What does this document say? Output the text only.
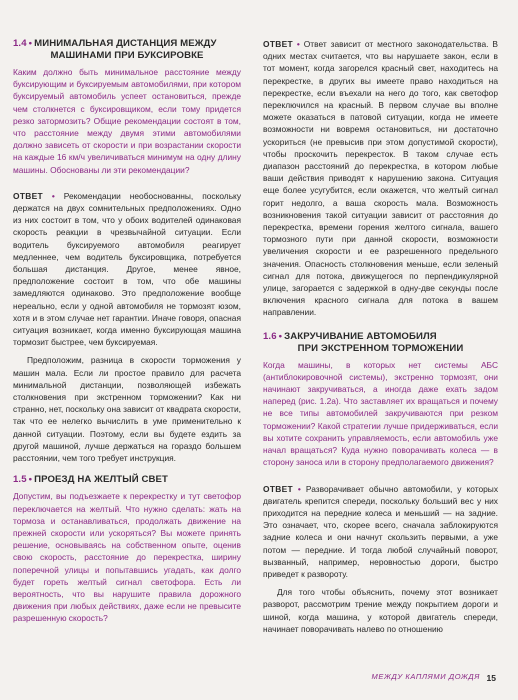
1.4 • МИНИМАЛЬНАЯ ДИСТАНЦИЯ МЕЖДУ
МАШИНАМИ ПРИ БУКСИРОВКЕ

Каким должно быть минимальное расстояние между буксирующим и буксируемым автомобилями, при котором буксируемый автомобиль успеет остановиться, прежде чем столкнется с буксировщиком, если тому придется резко затормозить? Общие рекомендации состоят в том, что расстояние между двумя этими автомобилями должно зависеть от скорости и при возрастании скорости на каждые 16 км/ч увеличиваться минимум на одну длину машины. Обоснованы ли эти рекомендации?

ОТВЕТ • Рекомендации необоснованны, поскольку держатся на двух сомнительных предположениях. Одно из них состоит в том, что у обоих водителей одинаковая скорость реакции в чрезвычайной ситуации. Если водитель буксируемого автомобиля реагирует медленнее, чем водитель буксировщика, потребуется большая дистанция. Другое, менее явное, предположение состоит в том, что обе машины замедляются одинаково. Это предположение вообще нереально, если у одной автомобиля не тормозят юзом, хотя и в этом случае нет гарантии. Иначе говоря, опасная ситуация возникает, когда именно буксирующая машина тормозит быстрее, чем буксируемая.

Предположим, разница в скорости торможения у машин мала. Если ли простое правило для расчета минимальной дистанции, позволяющей избежать столкновения при экстренном торможении? Как ни странно, нет, поскольку она зависит от квадрата скорости, так что ее нелегко вычислить в уме применительно к данной ситуации. Поэтому, если вы будете ездить за другой машиной, лучше держаться на гораздо большем расстоянии, чем того требует инструкция.

1.5 • ПРОЕЗД НА ЖЕЛТЫЙ СВЕТ

Допустим, вы подъезжаете к перекрестку и тут светофор переключается на желтый. Что нужно сделать: жать на тормоза и останавливаться, продолжать движение на прежней скорости или ускоряться? Вы можете принять решение, основываясь на собственном опыте, оценив свою скорость, расстояние до перекрестка, ширину поперечной улицы и попытавшись угадать, как долго будет гореть желтый сигнал светофора. Есть ли вероятность, что вы нарушите правила дорожного движения при любых действиях, даже если не превысите разрешенную скорость?

ОТВЕТ • Ответ зависит от местного законодательства. В одних местах считается, что вы нарушаете закон, если в тот момент, когда загорелся красный свет, находитесь на перекрестке, в других вы имеете право находиться на перекрестке, если въехали на него до того, как светофор переключился на красный. В первом случае вы вполне можете оказаться в патовой ситуации, когда не имеете возможности ни вовремя остановиться, ни достаточно ускориться (не превысив при этом допустимой скорости), чтобы проскочить перекресток. В таком случае есть диапазон расстояний до перекрестка, в котором любые ваши действия приводят к нарушению закона. Ситуация еще более усугубится, если окажется, что желтый сигнал горит недолго, а ваша скорость мала. Возможность возникновения такой ситуации зависит от расстояния до перекрестка, времени горения желтого сигнала, вашего тормозного пути при данной скорости, возможности увеличения скорости и ее разрешенного предельного значения. Опасность столкновения меньше, если зеленый сигнал для потока, движущегося по перпендикулярной улице, загорается с задержкой в одну-две секунды после включения красного сигнала для потока в вашем направлении.

1.6 • ЗАКРУЧИВАНИЕ АВТОМОБИЛЯ
ПРИ ЭКСТРЕННОМ ТОРМОЖЕНИИ

Когда машины, в которых нет системы АБС (антиблокировочной системы), экстренно тормозят, они начинают закручиваться, а иногда даже ехать задом наперед (рис. 1.2а). Что заставляет их вращаться и почему не все типы автомобилей закручиваются при резком торможении? Какой стратегии лучше придерживаться, если вы хотите сохранить управляемость, если автомобиль уже начал вращаться? Куда нужно поворачивать колеса — в сторону заноса или в сторону предполагаемого движения?

ОТВЕТ • Разворачивает обычно автомобили, у которых двигатель крепится спереди, поскольку больший вес у них приходится на передние колеса и меньший — на задние. Это означает, что, скорее всего, сначала заблокируются задние колеса и они начнут скользить первыми, а уже потом — передние. И тогда любой случайный поворот, вызванный, например, неровностью дороги, быстро приведет к развороту.

Для того чтобы объяснить, почему этот возникает разворот, рассмотрим трение между покрытием дороги и шиной, когда машина, у которой двигатель спереди, начинает поворачивать налево по отношению

МЕЖДУ КАПЛЯМИ ДОЖДЯ 15
